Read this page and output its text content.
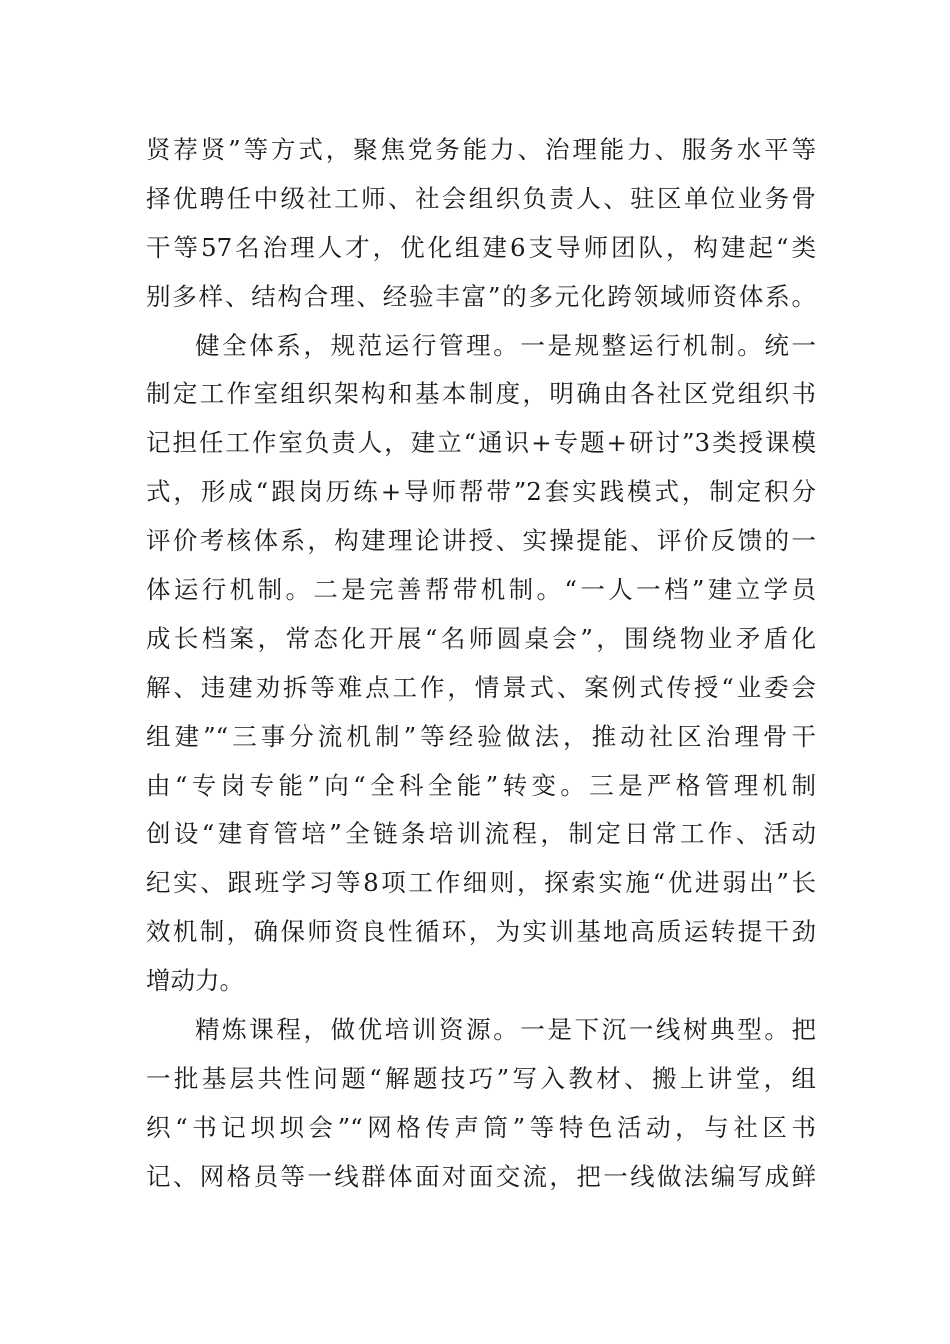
贤荐贤”等方式，聚焦党务能力、治理能力、服务水平等
择优聘任中级社工师、社会组织负责人、驻区单位业务骨
干等57名治理人才，优化组建6支导师团队，构建起“类
别多样、结构合理、经验丰富”的多元化跨领域师资体系。
健全体系，规范运行管理。一是规整运行机制。统一
制定工作室组织架构和基本制度，明确由各社区党组织书
记担任工作室负责人，建立“通识+专题+研讨”3类授课模
式，形成“跟岗历练+导师帮带”2套实践模式，制定积分
评价考核体系，构建理论讲授、实操提能、评价反馈的一
体运行机制。二是完善帮带机制。“一人一档”建立学员
成长档案，常态化开展“名师圆桌会”，围绕物业矛盾化
解、违建劝拆等难点工作，情景式、案例式传授“业委会
组建”“三事分流机制”等经验做法，推动社区治理骨干
由“专岗专能”向“全科全能”转变。三是严格管理机制
创设“建育管培”全链条培训流程，制定日常工作、活动
纪实、跟班学习等8项工作细则，探索实施“优进弱出”长
效机制，确保师资良性循环，为实训基地高质运转提干劲
增动力。
精炼课程，做优培训资源。一是下沉一线树典型。把
一批基层共性问题“解题技巧”写入教材、搬上讲堂，组
织“书记坝坝会”“网格传声筒”等特色活动，与社区书
记、网格员等一线群体面对面交流，把一线做法编写成鲜
